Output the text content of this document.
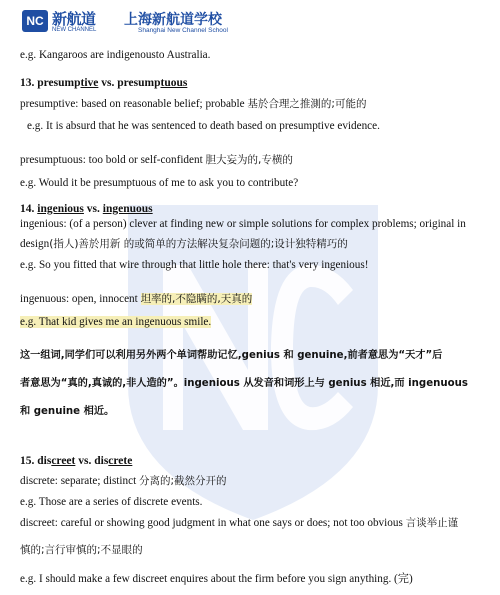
NC 新航道
NEW CHANNEL
上海新航道学校
Shanghai New Channel School
e.g. Kangaroos are indigenousto Australia.
13. presumptive vs. presumptuous
presumptive: based on reasonable belief; probable 基於合理之推測的;可能的
e.g. It is absurd that he was sentenced to death based on presumptive evidence.
presumptuous: too bold or self-confident 胆大妄为的,专横的
e.g. Would it be presumptuous of me to ask you to contribute?
14. ingenious vs. ingenuous
ingenious: (of a person) clever at finding new or simple solutions for complex problems; original in
design(指人)善於用新 的或简单的方法解决复杂问题的;设计独特精巧的
e.g. So you fitted that wire through that little hole there: that's very ingenious!
ingenuous: open, innocent 坦率的,不隐瞒的,天真的
e.g. That kid gives me an ingenuous smile.
这一组词,同学们可以利用另外两个单词帮助记忆,genius 和 genuine,前者意思为“天才”后
者意思为“真的,真诚的,非人造的”。ingenious 从发音和词形上与 genius 相近,而 ingenuous
和 genuine 相近。
15. discreet vs. discrete
discrete: separate; distinct 分离的;截然分开的
e.g. Those are a series of discrete events.
discreet: careful or showing good judgment in what one says or does; not too obvious 言谈举止谨
慎的;言行审慎的;不显眼的
e.g. I should make a few discreet enquires about the firm before you sign anything. (完)
